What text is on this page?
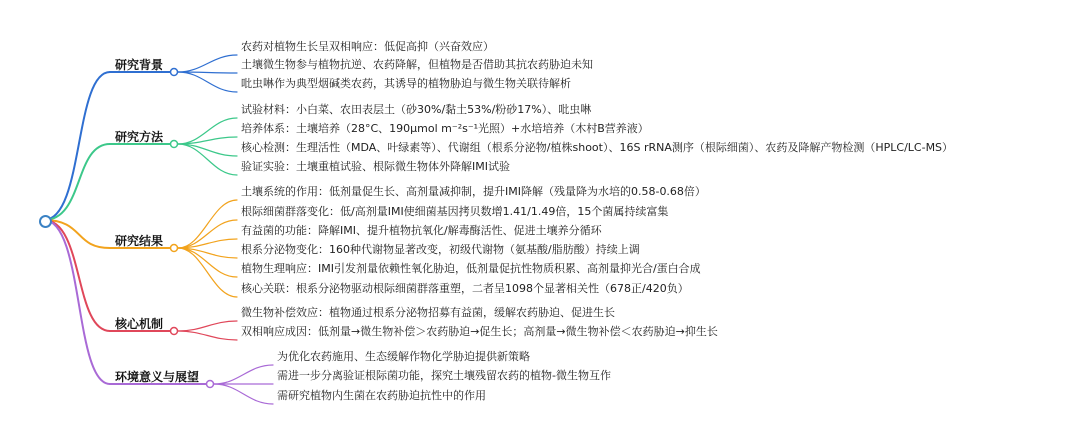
研究背景
农药对植物生长呈双相响应：低促高抑（兴奋效应）
土壤微生物参与植物抗逆、农药降解，但植物是否借助其抗农药胁迫未知
吡虫啉作为典型烟碱类农药，其诱导的植物胁迫与微生物关联待解析
研究方法
试验材料：小白菜、农田表层土（砂30%/黏土53%/粉砂17%）、吡虫啉
培养体系：土壤培养（28°C、190μmol m⁻²s⁻¹光照）+水培培养（木村B营养液）
核心检测：生理活性（MDA、叶绿素等）、代谢组（根系分泌物/植株shoot）、16S rRNA测序（根际细菌）、农药及降解产物检测（HPLC/LC-MS）
验证实验：土壤重植试验、根际微生物体外降解IMI试验
研究结果
土壤系统的作用：低剂量促生长、高剂量减抑制，提升IMI降解（残量降为水培的0.58-0.68倍）
根际细菌群落变化：低/高剂量IMI使细菌基因拷贝数增1.41/1.49倍，15个菌属持续富集
有益菌的功能：降解IMI、提升植物抗氧化/解毒酶活性、促进土壤养分循环
根系分泌物变化：160种代谢物显著改变，初级代谢物（氨基酸/脂肪酸）持续上调
植物生理响应：IMI引发剂量依赖性氧化胁迫，低剂量促抗性物质积累、高剂量抑光合/蛋白合成
核心关联：根系分泌物驱动根际细菌群落重塑，二者呈1098个显著相关性（678正/420负）
核心机制
微生物补偿效应：植物通过根系分泌物招募有益菌，缓解农药胁迫、促进生长
双相响应成因：低剂量→微生物补偿＞农药胁迫→促生长；高剂量→微生物补偿＜农药胁迫→抑生长
环境意义与展望
为优化农药施用、生态缓解作物化学胁迫提供新策略
需进一步分离验证根际菌功能，探究土壤残留农药的植物-微生物互作
需研究植物内生菌在农药胁迫抗性中的作用
